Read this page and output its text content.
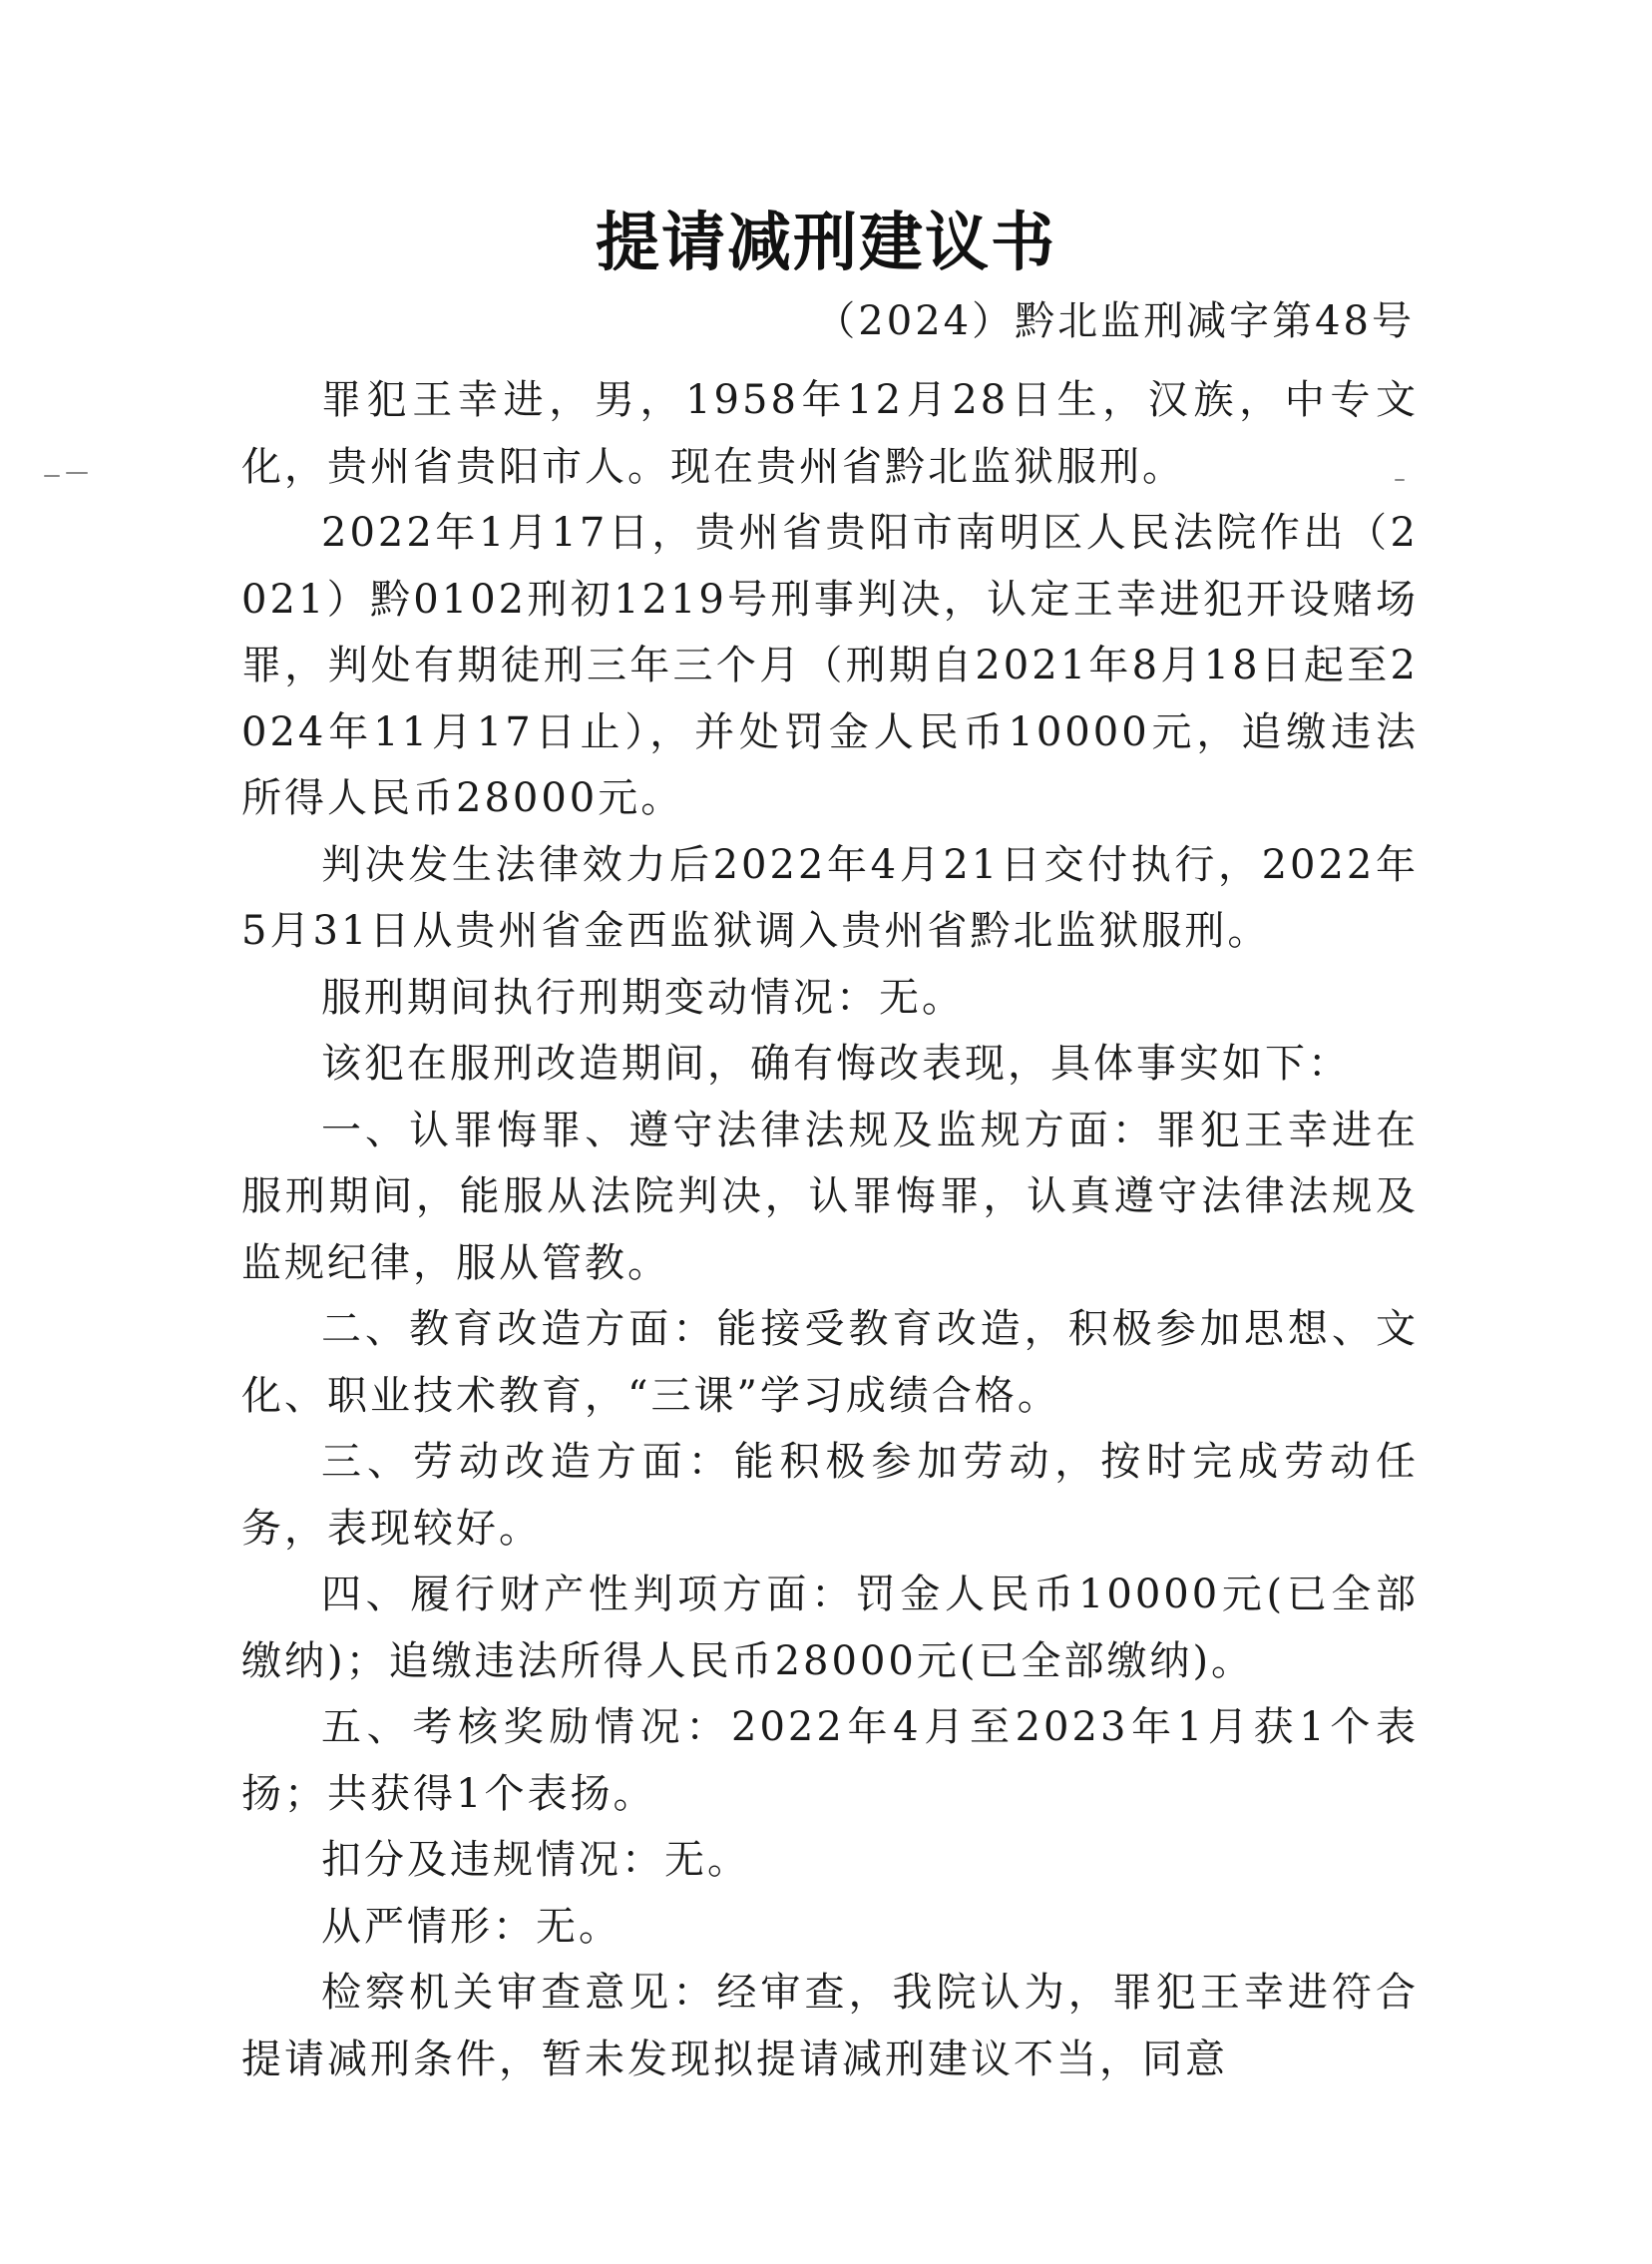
提请减刑建议书
（2024）黔北监刑减字第48号

罪犯王幸进，男，1958年12月28日生，汉族，中专文化，贵州省贵阳市人。现在贵州省黔北监狱服刑。

2022年1月17日，贵州省贵阳市南明区人民法院作出（2021）黔0102刑初1219号刑事判决，认定王幸进犯开设赌场罪，判处有期徒刑三年三个月（刑期自2021年8月18日起至2024年11月17日止），并处罚金人民币10000元，追缴违法所得人民币28000元。

判决发生法律效力后2022年4月21日交付执行，2022年5月31日从贵州省金西监狱调入贵州省黔北监狱服刑。

服刑期间执行刑期变动情况：无。

该犯在服刑改造期间，确有悔改表现，具体事实如下：

一、认罪悔罪、遵守法律法规及监规方面：罪犯王幸进在服刑期间，能服从法院判决，认罪悔罪，认真遵守法律法规及监规纪律，服从管教。

二、教育改造方面：能接受教育改造，积极参加思想、文化、职业技术教育，“三课”学习成绩合格。

三、劳动改造方面：能积极参加劳动，按时完成劳动任务，表现较好。

四、履行财产性判项方面：罚金人民币10000元(已全部缴纳)；追缴违法所得人民币28000元(已全部缴纳)。

五、考核奖励情况：2022年4月至2023年1月获1个表扬；共获得1个表扬。

扣分及违规情况：无。

从严情形：无。

检察机关审查意见：经审查，我院认为，罪犯王幸进符合提请减刑条件，暂未发现拟提请减刑建议不当，同意
